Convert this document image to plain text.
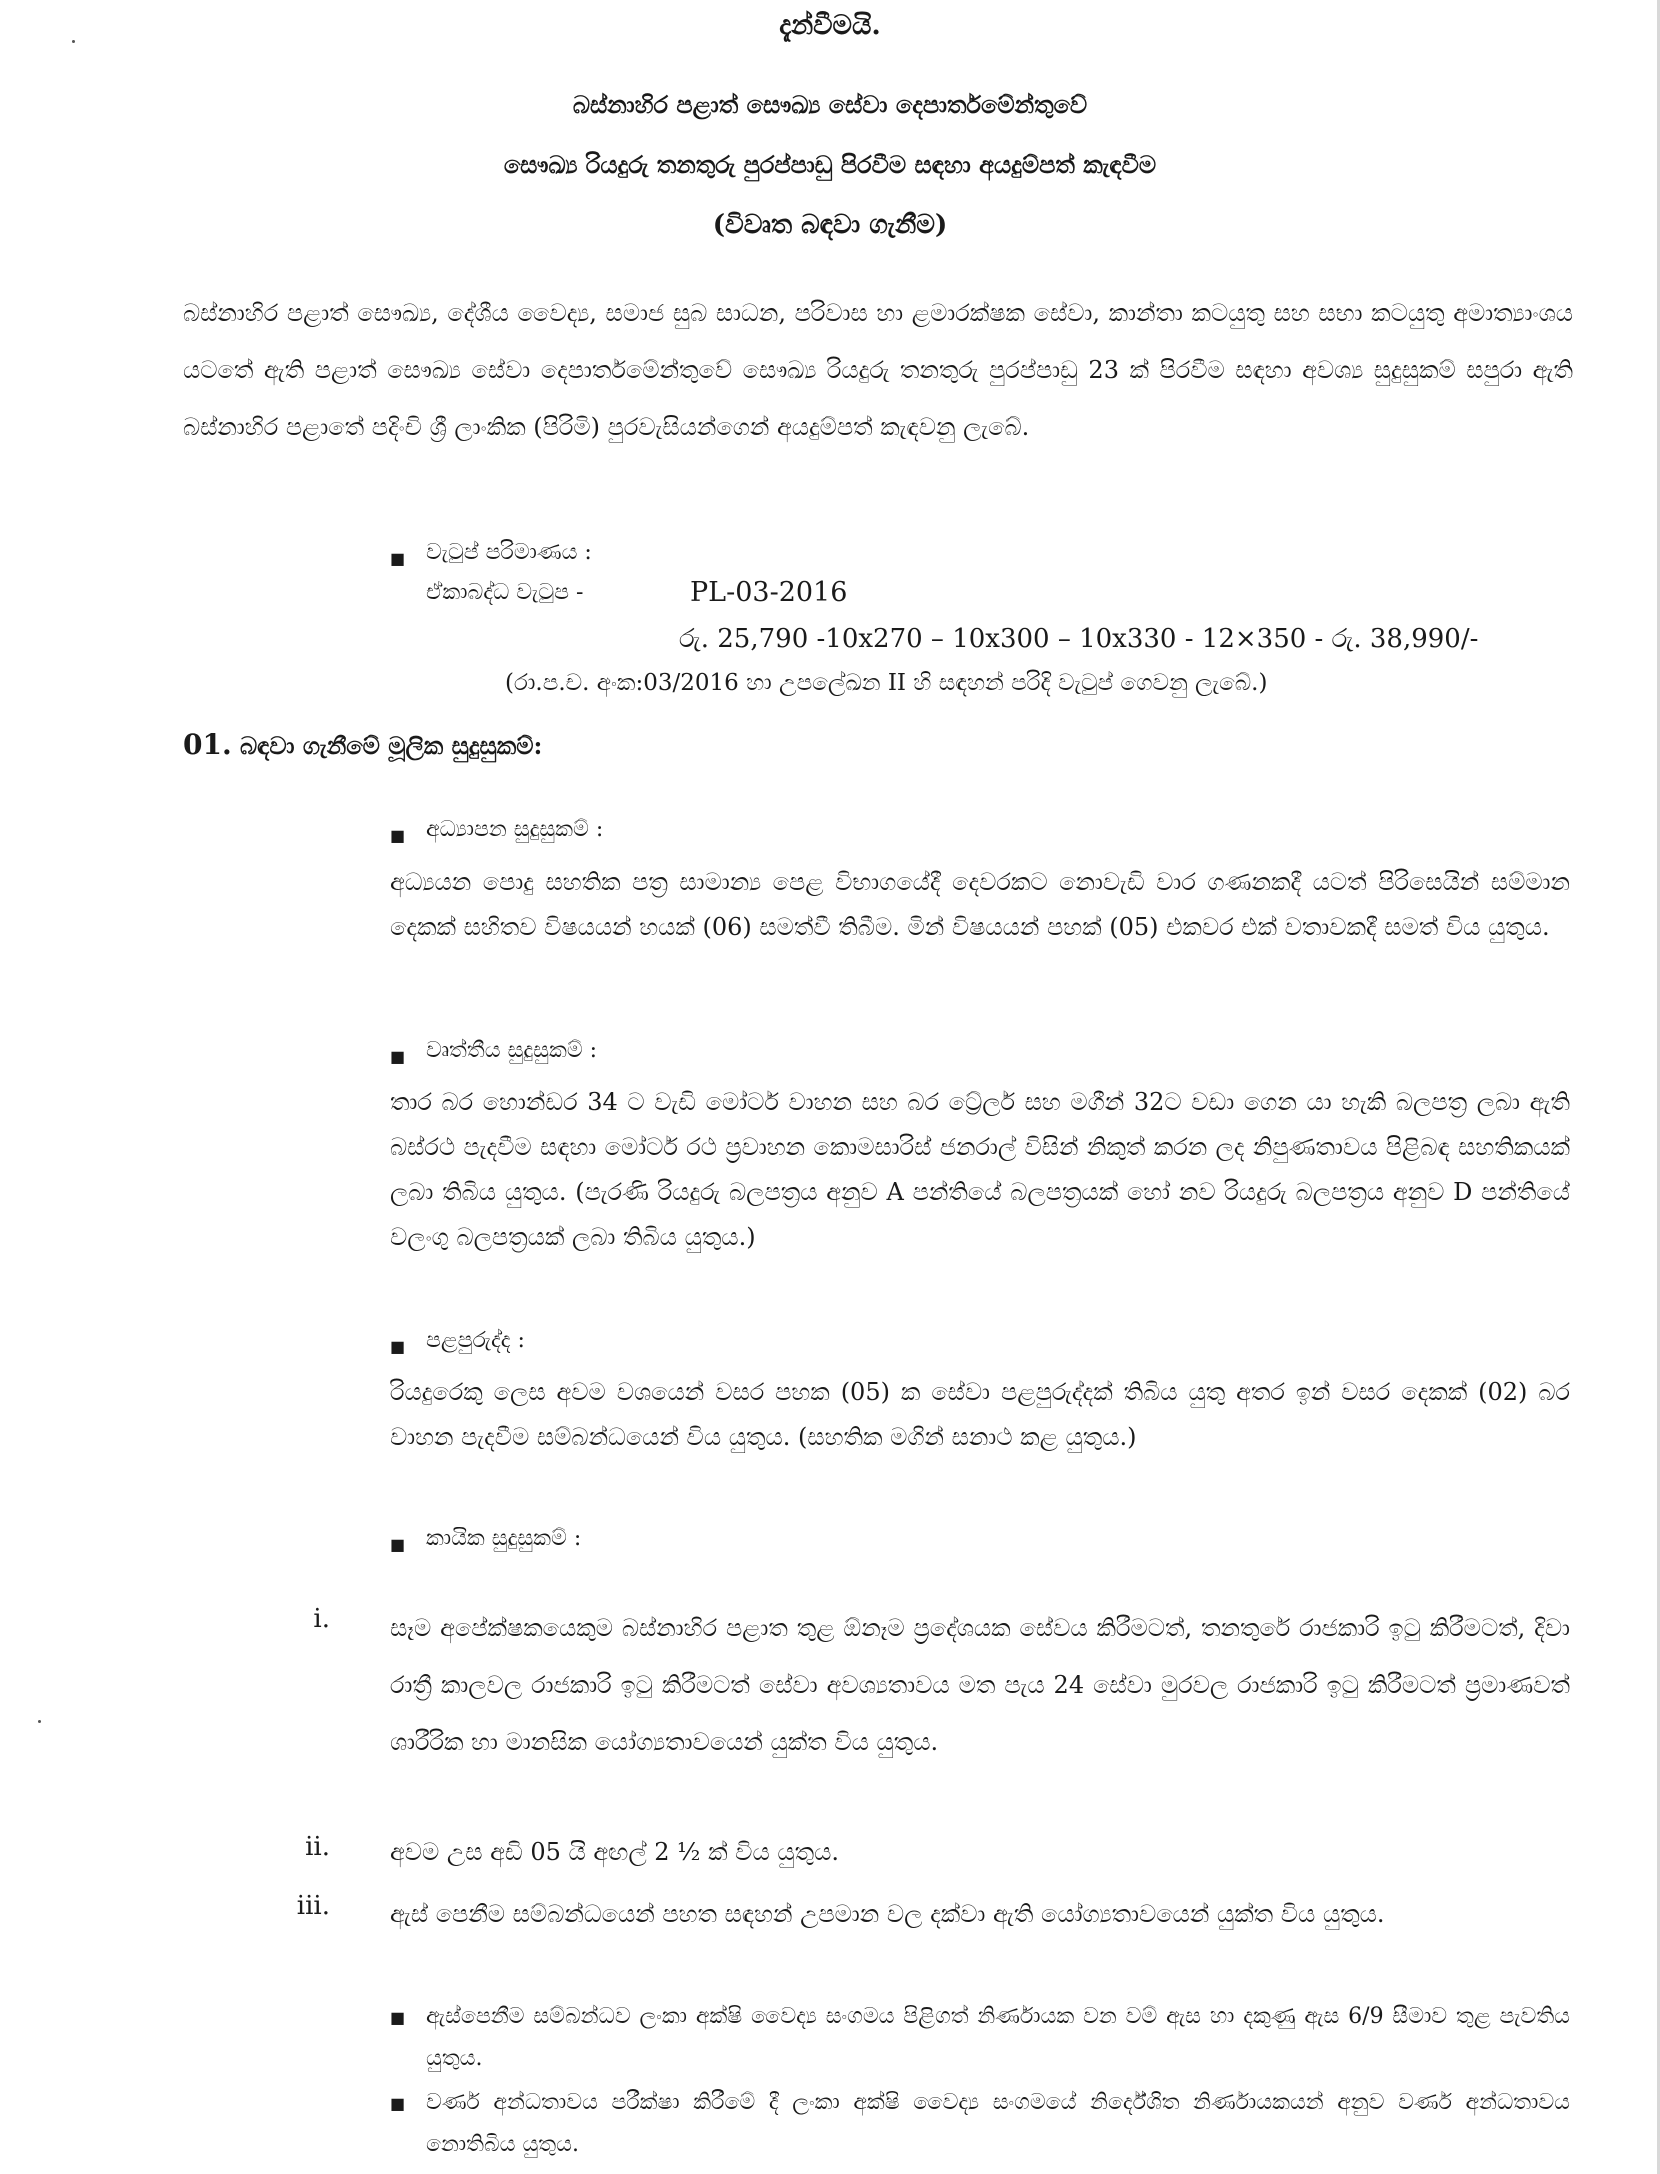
දැන්වීමයි.
බස්නාහිර පළාත් සෞඛ්‍ය සේවා දෙපාර්තමේන්තුවේ
සෞඛ්‍ය රියදුරු තනතුරු පුරප්පාඩු පිරවීම සඳහා අයදුම්පත් කැඳවීම
(විවෘත බඳවා ගැනීම)
බස්නාහිර පළාත් සෞඛ්‍ය, දේශීය වෛද්‍ය, සමාජ සුබ සාධන, පරිවාස හා ළමාරක්ෂක සේවා, කාන්තා කටයුතු සහ සභා කටයුතු අමාත්‍යාංශය යටතේ ඇති පළාත් සෞඛ්‍ය සේවා දෙපාර්තමේන්තුවේ සෞඛ්‍ය රියදුරු තනතුරු පුරප්පාඩු 23 ක් පිරවීම සඳහා අවශ්‍ය සුදුසුකම් සපුරා ඇති බස්නාහිර පළාතේ පදිංචි ශ්‍රී ලාංකික (පිරිමි) පුරවැසියන්ගෙන් අයදුම්පත් කැඳවනු ලැබේ.
■ වැටුප් පරිමාණය :
ඒකාබද්ධ වැටුප -	PL-03-2016
රු. 25,790 -10x270 – 10x300 – 10x330 - 12×350 - රු. 38,990/-
(රා.ප.ච. අංක:03/2016 හා උපලේඛන II හි සඳහන් පරිදි වැටුප් ගෙවනු ලැබේ.)
01. බඳවා ගැනීමේ මූලික සුදුසුකම්:
■ අධ්‍යාපන සුදුසුකම් :
අධ්‍යයන පොදු සහතික පත්‍ර සාමාන්‍ය පෙළ විභාගයේදී දෙවරකට නොවැඩි වාර ගණනකදී යටත් පිරිසෙයින් සම්මාන දෙකක් සහිතව විෂයයන් හයක් (06) සමත්වී තිබීම. මින් විෂයයන් පහක් (05) එකවර එක් වතාවකදී සමත් විය යුතුය.
■ වෘත්තීය සුදුසුකම් :
තාර බර හොන්ඩර 34 ට වැඩි මෝටර් වාහන සහ බර ට්‍රේලර් සහ මගීන් 32ට වඩා ගෙන යා හැකි බලපත්‍ර ලබා ඇති බස්රථ පැදවීම සඳහා මෝටර් රථ ප්‍රවාහන කොමසාරිස් ජනරාල් විසින් නිකුත් කරන ලද නිපුණතාවය පිළිබඳ සහතිකයක් ලබා තිබිය යුතුය. (පැරණි රියදුරු බලපත්‍රය අනුව A පන්තියේ බලපත්‍රයක් හෝ නව රියදුරු බලපත්‍රය අනුව D පන්තියේ වලංගු බලපත්‍රයක් ලබා තිබිය යුතුය.)
■ පළපුරුද්ද :
රියදුරෙකු ලෙස අවම වශයෙන් වසර පහක (05) ක සේවා පළපුරුද්දක් තිබිය යුතු අතර ඉන් වසර දෙකක් (02) බර වාහන පැදවීම සම්බන්ධයෙන් විය යුතුය. (සහතික මගින් සනාථ කළ යුතුය.)
■ කායික සුදුසුකම් :
i.	සෑම අපේක්ෂකයෙකුම බස්නාහිර පළාත තුළ ඕනෑම ප්‍රදේශයක සේවය කිරීමටත්, තනතුරේ රාජකාරි ඉටු කිරීමටත්, දිවා රාත්‍රී කාලවල රාජකාරි ඉටු කිරීමටත් සේවා අවශ්‍යතාවය මත පැය 24 සේවා මුරවල රාජකාරි ඉටු කිරීමටත් ප්‍රමාණවත් ශාරීරික හා මානසික යෝග්‍යතාවයෙන් යුක්ත විය යුතුය.
ii.	අවම උස අඩි 05 යි අඟල් 2 ½ ක් විය යුතුය.
iii.	ඇස් පෙනීම සම්බන්ධයෙන් පහත සඳහන් උපමාන වල දක්වා ඇති යෝග්‍යතාවයෙන් යුක්ත විය යුතුය.
■ ඇස්පෙනීම සම්බන්ධව ලංකා අක්ෂි වෛද්‍ය සංගමය පිළිගත් නිර්ණායක වන වම් ඇස හා දකුණු ඇස 6/9 සීමාව තුළ පැවතිය යුතුය.
■ වර්ණ අන්ධතාවය පරීක්ෂා කිරීමේ දී ලංකා අක්ෂි වෛද්‍ය සංගමයේ නිර්දේශිත නිර්ණායකයන් අනුව වර්ණ අන්ධතාවය නොතිබිය යුතුය.
